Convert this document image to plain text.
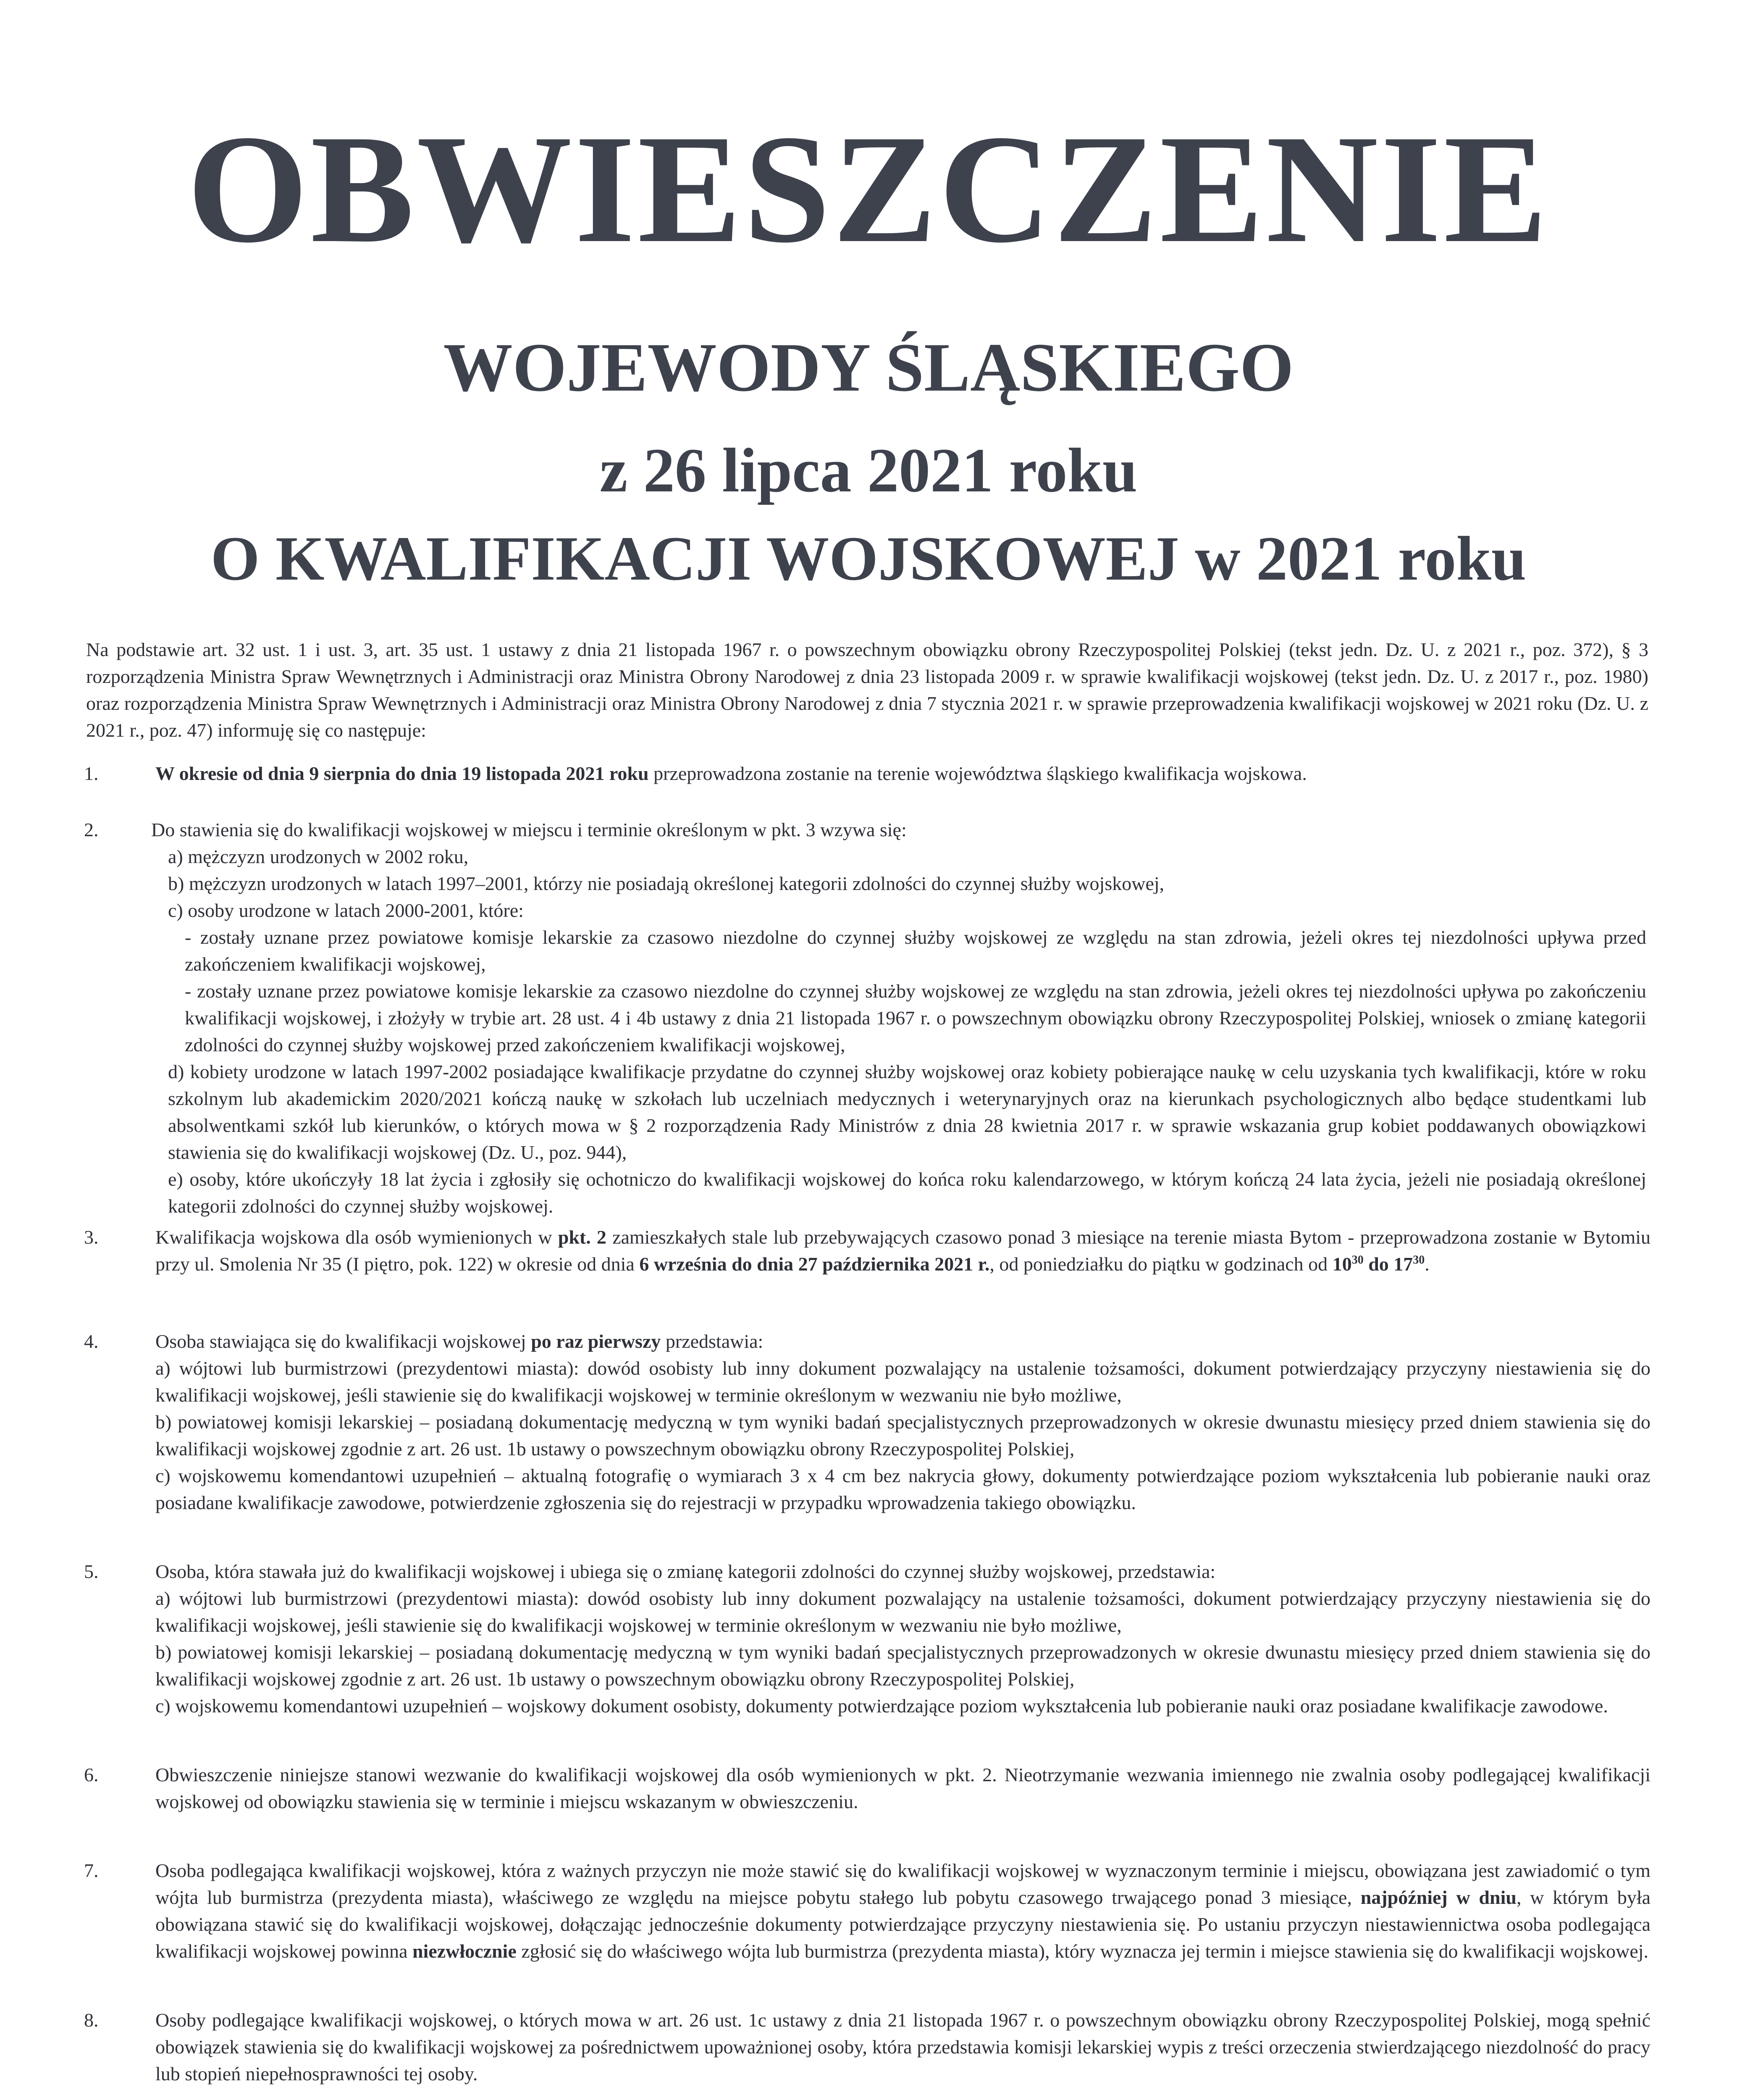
OBWIESZCZENIE
WOJEWODY ŚLĄSKIEGO
z 26 lipca 2021 roku
O KWALIFIKACJI WOJSKOWEJ w 2021 roku

Na podstawie art. 32 ust. 1 i ust. 3, art. 35 ust. 1 ustawy z dnia 21 listopada 1967 r. o powszechnym obowiązku obrony Rzeczypospolitej Polskiej (tekst jedn. Dz. U. z 2021 r., poz. 372), § 3 rozporządzenia Ministra Spraw Wewnętrznych i Administracji oraz Ministra Obrony Narodowej z dnia 23 listopada 2009 r. w sprawie kwalifikacji wojskowej (tekst jedn. Dz. U. z 2017 r., poz. 1980) oraz rozporządzenia Ministra Spraw Wewnętrznych i Administracji oraz Ministra Obrony Narodowej z dnia 7 stycznia 2021 r. w sprawie przeprowadzenia kwalifikacji wojskowej w 2021 roku (Dz. U. z 2021 r., poz. 47) informuję się co następuje:

1.	W okresie od dnia 9 sierpnia do dnia 19 listopada 2021 roku przeprowadzona zostanie na terenie województwa śląskiego kwalifikacja wojskowa.
2.	Do stawienia się do kwalifikacji wojskowej w miejscu i terminie określonym w pkt. 3 wzywa się:

a) mężczyzn urodzonych w 2002 roku,

b) mężczyzn urodzonych w latach 1997–2001, którzy nie posiadają określonej kategorii zdolności do czynnej służby wojskowej,

c) osoby urodzone w latach 2000-2001, które:

- zostały uznane przez powiatowe komisje lekarskie za czasowo niezdolne do czynnej służby wojskowej ze względu na stan zdrowia, jeżeli okres tej niezdolności upływa przed zakończeniem kwalifikacji wojskowej,

- zostały uznane przez powiatowe komisje lekarskie za czasowo niezdolne do czynnej służby wojskowej ze względu na stan zdrowia, jeżeli okres tej niezdolności upływa po zakończeniu kwalifikacji wojskowej, i złożyły w trybie art. 28 ust. 4 i 4b ustawy z dnia 21 listopada 1967 r. o powszechnym obowiązku obrony Rzeczypospolitej Polskiej, wniosek o zmianę kategorii zdolności do czynnej służby wojskowej przed zakończeniem kwalifikacji wojskowej,

d) kobiety urodzone w latach 1997-2002 posiadające kwalifikacje przydatne do czynnej służby wojskowej oraz kobiety pobierające naukę w celu uzyskania tych kwalifikacji, które w roku szkolnym lub akademickim 2020/2021 kończą naukę w szkołach lub uczelniach medycznych i weterynaryjnych oraz na kierunkach psychologicznych albo będące studentkami lub absolwentkami szkół lub kierunków, o których mowa w § 2 rozporządzenia Rady Ministrów z dnia 28 kwietnia 2017 r. w sprawie wskazania grup kobiet poddawanych obowiązkowi stawienia się do kwalifikacji wojskowej (Dz. U., poz. 944),

e) osoby, które ukończyły 18 lat życia i zgłosiły się ochotniczo do kwalifikacji wojskowej do końca roku kalendarzowego, w którym kończą 24 lata życia, jeżeli nie posiadają określonej kategorii zdolności do czynnej służby wojskowej.

3.	Kwalifikacja wojskowa dla osób wymienionych w pkt. 2 zamieszkałych stale lub przebywających czasowo ponad 3 miesiące na terenie miasta Bytom - przeprowadzona zostanie w Bytomiu przy ul. Smolenia Nr 35 (I piętro, pok. 122) w okresie od dnia 6 września do dnia 27 października 2021 r., od poniedziałku do piątku w godzinach od $10^{30}$ do $17^{30}$.
4.	Osoba stawiająca się do kwalifikacji wojskowej po raz pierwszy przedstawia:

a) wójtowi lub burmistrzowi (prezydentowi miasta): dowód osobisty lub inny dokument pozwalający na ustalenie tożsamości, dokument potwierdzający przyczyny niestawienia się do kwalifikacji wojskowej, jeśli stawienie się do kwalifikacji wojskowej w terminie określonym w wezwaniu nie było możliwe,

b) powiatowej komisji lekarskiej – posiadaną dokumentację medyczną w tym wyniki badań specjalistycznych przeprowadzonych w okresie dwunastu miesięcy przed dniem stawienia się do kwalifikacji wojskowej zgodnie z art. 26 ust. 1b ustawy o powszechnym obowiązku obrony Rzeczypospolitej Polskiej,

c) wojskowemu komendantowi uzupełnień – aktualną fotografię o wymiarach 3 x 4 cm bez nakrycia głowy, dokumenty potwierdzające poziom wykształcenia lub pobieranie nauki oraz posiadane kwalifikacje zawodowe, potwierdzenie zgłoszenia się do rejestracji w przypadku wprowadzenia takiego obowiązku.

5.	Osoba, która stawała już do kwalifikacji wojskowej i ubiega się o zmianę kategorii zdolności do czynnej służby wojskowej, przedstawia:

a) wójtowi lub burmistrzowi (prezydentowi miasta): dowód osobisty lub inny dokument pozwalający na ustalenie tożsamości, dokument potwierdzający przyczyny niestawienia się do kwalifikacji wojskowej, jeśli stawienie się do kwalifikacji wojskowej w terminie określonym w wezwaniu nie było możliwe,

b) powiatowej komisji lekarskiej – posiadaną dokumentację medyczną w tym wyniki badań specjalistycznych przeprowadzonych w okresie dwunastu miesięcy przed dniem stawienia się do kwalifikacji wojskowej zgodnie z art. 26 ust. 1b ustawy o powszechnym obowiązku obrony Rzeczypospolitej Polskiej,

c) wojskowemu komendantowi uzupełnień – wojskowy dokument osobisty, dokumenty potwierdzające poziom wykształcenia lub pobieranie nauki oraz posiadane kwalifikacje zawodowe.

6.	Obwieszczenie niniejsze stanowi wezwanie do kwalifikacji wojskowej dla osób wymienionych w pkt. 2. Nieotrzymanie wezwania imiennego nie zwalnia osoby podlegającej kwalifikacji wojskowej od obowiązku stawienia się w terminie i miejscu wskazanym w obwieszczeniu.
7.	Osoba podlegająca kwalifikacji wojskowej, która z ważnych przyczyn nie może stawić się do kwalifikacji wojskowej w wyznaczonym terminie i miejscu, obowiązana jest zawiadomić o tym wójta lub burmistrza (prezydenta miasta), właściwego ze względu na miejsce pobytu stałego lub pobytu czasowego trwającego ponad 3 miesiące, najpóźniej w dniu, w którym była obowiązana stawić się do kwalifikacji wojskowej, dołączając jednocześnie dokumenty potwierdzające przyczyny niestawienia się. Po ustaniu przyczyn niestawiennictwa osoba podlegająca kwalifikacji wojskowej powinna niezwłocznie zgłosić się do właściwego wójta lub burmistrza (prezydenta miasta), który wyznacza jej termin i miejsce stawienia się do kwalifikacji wojskowej.
8.	Osoby podlegające kwalifikacji wojskowej, o których mowa w art. 26 ust. 1c ustawy z dnia 21 listopada 1967 r. o powszechnym obowiązku obrony Rzeczypospolitej Polskiej, mogą spełnić obowiązek stawienia się do kwalifikacji wojskowej za pośrednictwem upoważnionej osoby, która przedstawia komisji lekarskiej wypis z treści orzeczenia stwierdzającego niezdolność do pracy lub stopień niepełnosprawności tej osoby.
